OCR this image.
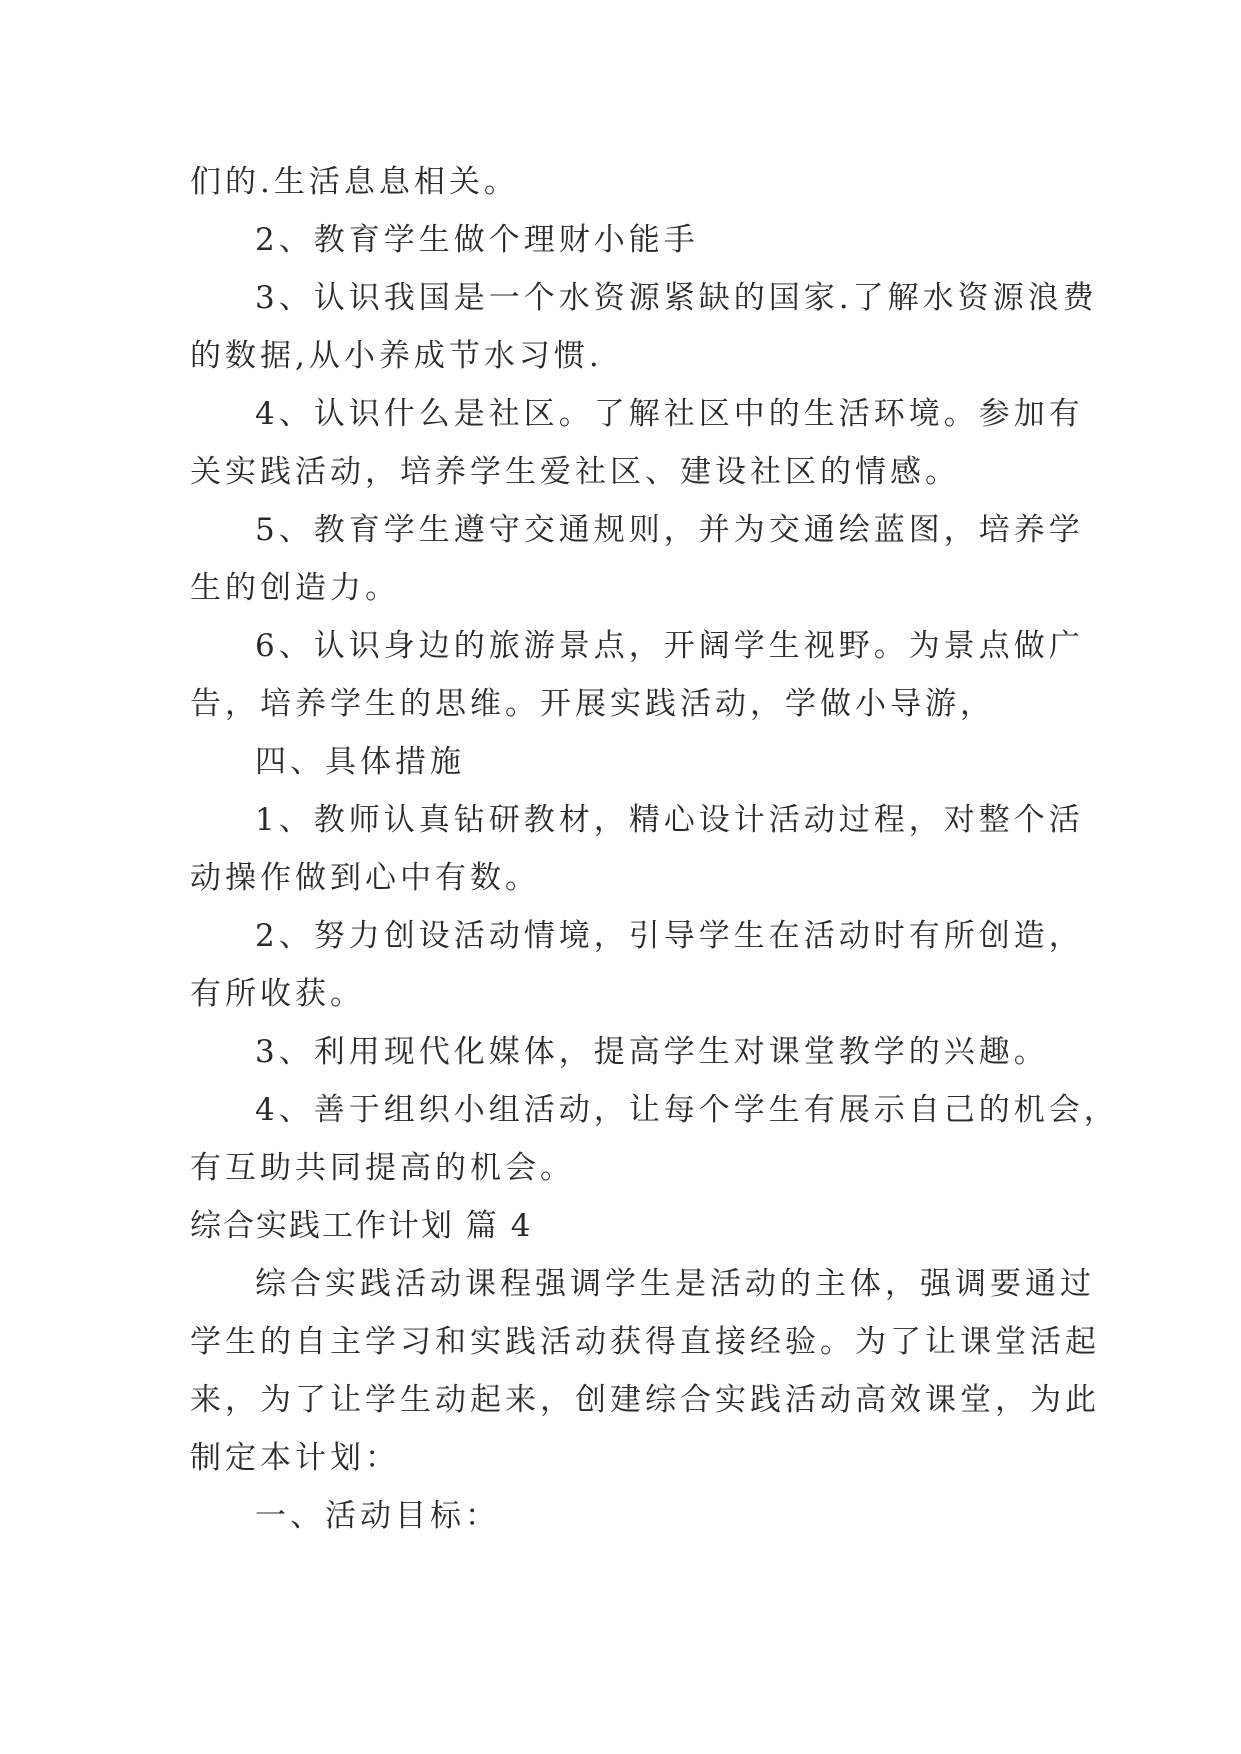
们的.生活息息相关。
2、教育学生做个理财小能手
3、认识我国是一个水资源紧缺的国家.了解水资源浪费
的数据,从小养成节水习惯.
4、认识什么是社区。了解社区中的生活环境。参加有
关实践活动，培养学生爱社区、建设社区的情感。
5、教育学生遵守交通规则，并为交通绘蓝图，培养学
生的创造力。
6、认识身边的旅游景点，开阔学生视野。为景点做广
告，培养学生的思维。开展实践活动，学做小导游，
四、具体措施
1、教师认真钻研教材，精心设计活动过程，对整个活
动操作做到心中有数。
2、努力创设活动情境，引导学生在活动时有所创造，
有所收获。
3、利用现代化媒体，提高学生对课堂教学的兴趣。
4、善于组织小组活动，让每个学生有展示自己的机会，
有互助共同提高的机会。
综合实践工作计划 篇 4
综合实践活动课程强调学生是活动的主体，强调要通过
学生的自主学习和实践活动获得直接经验。为了让课堂活起
来，为了让学生动起来，创建综合实践活动高效课堂，为此
制定本计划：
一、活动目标：
